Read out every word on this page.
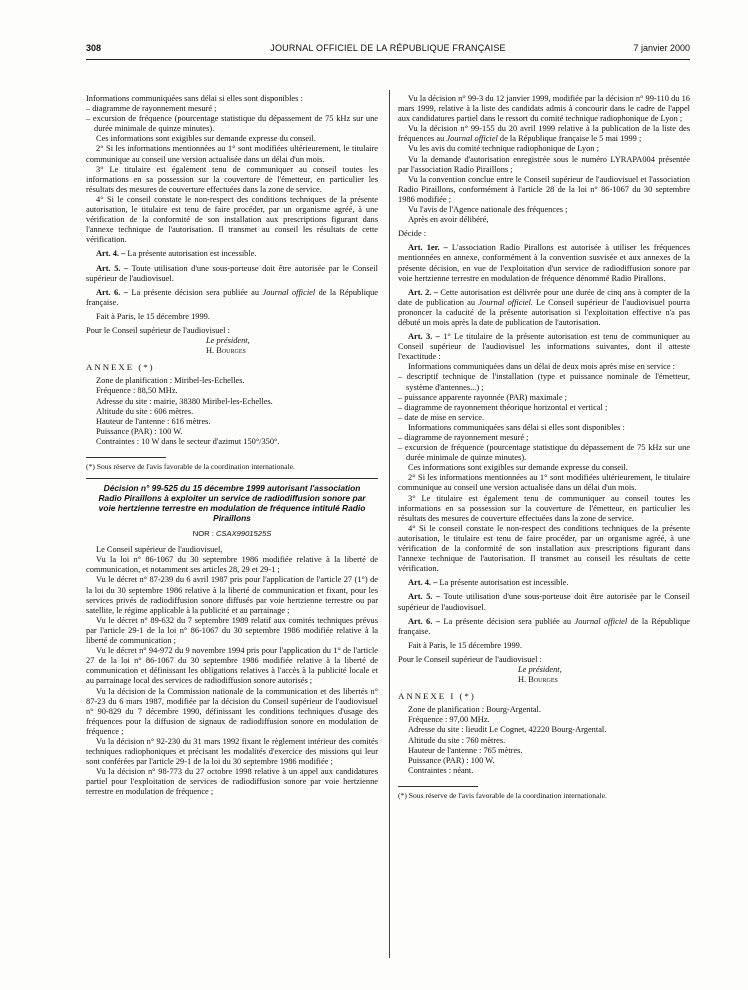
308	JOURNAL OFFICIEL DE LA RÉPUBLIQUE FRANÇAISE	7 janvier 2000

Informations communiquées sans délai si elles sont disponibles :

– diagramme de rayonnement mesuré ;

– excursion de fréquence (pourcentage statistique du dépassement de 75 kHz sur une durée minimale de quinze minutes).

Ces informations sont exigibles sur demande expresse du conseil.

2° Si les informations mentionnées au 1° sont modifiées ultérieurement, le titulaire communique au conseil une version actualisée dans un délai d'un mois.

3° Le titulaire est également tenu de communiquer au conseil toutes les informations en sa possession sur la couverture de l'émetteur, en particulier les résultats des mesures de couverture effectuées dans la zone de service.

4° Si le conseil constate le non-respect des conditions techniques de la présente autorisation, le titulaire est tenu de faire procéder, par un organisme agréé, à une vérification de la conformité de son installation aux prescriptions figurant dans l'annexe technique de l'autorisation. Il transmet au conseil les résultats de cette vérification.

Art. 4. – La présente autorisation est incessible.

Art. 5. – Toute utilisation d'une sous-porteuse doit être autorisée par le Conseil supérieur de l'audiovisuel.

Art. 6. – La présente décision sera publiée au Journal officiel de la République française.

Fait à Paris, le 15 décembre 1999.

Pour le Conseil supérieur de l'audiovisuel :

Le président,

H. Bourges

ANNEXE (*)

Zone de planification : Miribel-les-Echelles.

Fréquence : 88,50 MHz.

Adresse du site : mairie, 38380 Miribel-les-Echelles.

Altitude du site : 606 mètres.

Hauteur de l'antenne : 616 mètres.

Puissance (PAR) : 100 W.

Contraintes : 10 W dans le secteur d'azimut 150°/350°.

(*) Sous réserve de l'avis favorable de la coordination internationale.

Décision n° 99-525 du 15 décembre 1999 autorisant l'association Radio Piraillons à exploiter un service de radiodiffusion sonore par voie hertzienne terrestre en modulation de fréquence intitulé Radio Piraillons

NOR : CSAX9901525S

Le Conseil supérieur de l'audiovisuel,

Vu la loi n° 86-1067 du 30 septembre 1986 modifiée relative à la liberté de communication, et notamment ses articles 28, 29 et 29-1 ;

Vu le décret n° 87-239 du 6 avril 1987 pris pour l'application de l'article 27 (1°) de la loi du 30 septembre 1986 relative à la liberté de communication et fixant, pour les services privés de radiodiffusion sonore diffusés par voie hertzienne terrestre ou par satellite, le régime applicable à la publicité et au parrainage ;

Vu le décret n° 89-632 du 7 septembre 1989 relatif aux comités techniques prévus par l'article 29-1 de la loi n° 86-1067 du 30 septembre 1986 modifiée relative à la liberté de communication ;

Vu le décret n° 94-972 du 9 novembre 1994 pris pour l'application du 1° de l'article 27 de la loi n° 86-1067 du 30 septembre 1986 modifiée relative à la liberté de communication et définissant les obligations relatives à l'accès à la publicité locale et au parrainage local des services de radiodiffusion sonore autorisés ;

Vu la décision de la Commission nationale de la communication et des libertés n° 87-23 du 6 mars 1987, modifiée par la décision du Conseil supérieur de l'audiovisuel n° 90-829 du 7 décembre 1990, définissant les conditions techniques d'usage des fréquences pour la diffusion de signaux de radiodiffusion sonore en modulation de fréquence ;

Vu la décision n° 92-230 du 31 mars 1992 fixant le règlement intérieur des comités techniques radiophoniques et précisant les modalités d'exercice des missions qui leur sont conférées par l'article 29-1 de la loi du 30 septembre 1986 modifiée ;

Vu la décision n° 98-773 du 27 octobre 1998 relative à un appel aux candidatures partiel pour l'exploitation de services de radiodiffusion sonore par voie hertzienne terrestre en modulation de fréquence ;

Vu la décision n° 99-3 du 12 janvier 1999, modifiée par la décision n° 99-110 du 16 mars 1999, relative à la liste des candidats admis à concourir dans le cadre de l'appel aux candidatures partiel dans le ressort du comité technique radiophonique de Lyon ;

Vu la décision n° 99-155 du 20 avril 1999 relative à la publication de la liste des fréquences au Journal officiel de la République française le 5 mai 1999 ;

Vu les avis du comité technique radiophonique de Lyon ;

Vu la demande d'autorisation enregistrée sous le numéro LYRAPA004 présentée par l'association Radio Piraillons ;

Vu la convention conclue entre le Conseil supérieur de l'audiovisuel et l'association Radio Piraillons, conformément à l'article 28 de la loi n° 86-1067 du 30 septembre 1986 modifiée ;

Vu l'avis de l'Agence nationale des fréquences ;

Après en avoir délibéré,

Décide :

Art. 1er. – L'association Radio Pirallons est autorisée à utiliser les fréquences mentionnées en annexe, conformément à la convention susvisée et aux annexes de la présente décision, en vue de l'exploitation d'un service de radiodiffusion sonore par voie hertzienne terrestre en modulation de fréquence dénommé Radio Pirallons.

Art. 2. – Cette autorisation est délivrée pour une durée de cinq ans à compter de la date de publication au Journal officiel. Le Conseil supérieur de l'audiovisuel pourra prononcer la caducité de la présente autorisation si l'exploitation effective n'a pas débuté un mois après la date de publication de l'autorisation.

Art. 3. – 1° Le titulaire de la présente autorisation est tenu de communiquer au Conseil supérieur de l'audiovisuel les informations suivantes, dont il atteste l'exactitude :

Informations communiquées dans un délai de deux mois après mise en service :

– descriptif technique de l'installation (type et puissance nominale de l'émetteur, système d'antennes...) ;

– puissance apparente rayonnée (PAR) maximale ;

– diagramme de rayonnement théorique horizontal et vertical ;

– date de mise en service.

Informations communiquées sans délai si elles sont disponibles :

– diagramme de rayonnement mesuré ;

– excursion de fréquence (pourcentage statistique du dépassement de 75 kHz sur une durée minimale de quinze minutes).

Ces informations sont exigibles sur demande expresse du conseil.

2° Si les informations mentionnées au 1° sont modifiées ultérieurement, le titulaire communique au conseil une version actualisée dans un délai d'un mois.

3° Le titulaire est également tenu de communiquer au conseil toutes les informations en sa possession sur la couverture de l'émetteur, en particulier les résultats des mesures de couverture effectuées dans la zone de service.

4° Si le conseil constate le non-respect des conditions techniques de la présente autorisation, le titulaire est tenu de faire procéder, par un organisme agréé, à une vérification de la conformité de son installation aux prescriptions figurant dans l'annexe technique de l'autorisation. Il transmet au conseil les résultats de cette vérification.

Art. 4. – La présente autorisation est incessible.

Art. 5. – Toute utilisation d'une sous-porteuse doit être autorisée par le Conseil supérieur de l'audiovisuel.

Art. 6. – La présente décision sera publiée au Journal officiel de la République française.

Fait à Paris, le 15 décembre 1999.

Pour le Conseil supérieur de l'audiovisuel :

Le président,

H. Bourges

ANNEXE I (*)

Zone de planification : Bourg-Argental.

Fréquence : 97,00 MHz.

Adresse du site : lieudit Le Cognet, 42220 Bourg-Argental.

Altitude du site : 760 mètres.

Hauteur de l'antenne : 765 mètres.

Puissance (PAR) : 100 W.

Contraintes : néant.

(*) Sous réserve de l'avis favorable de la coordination internationale.
